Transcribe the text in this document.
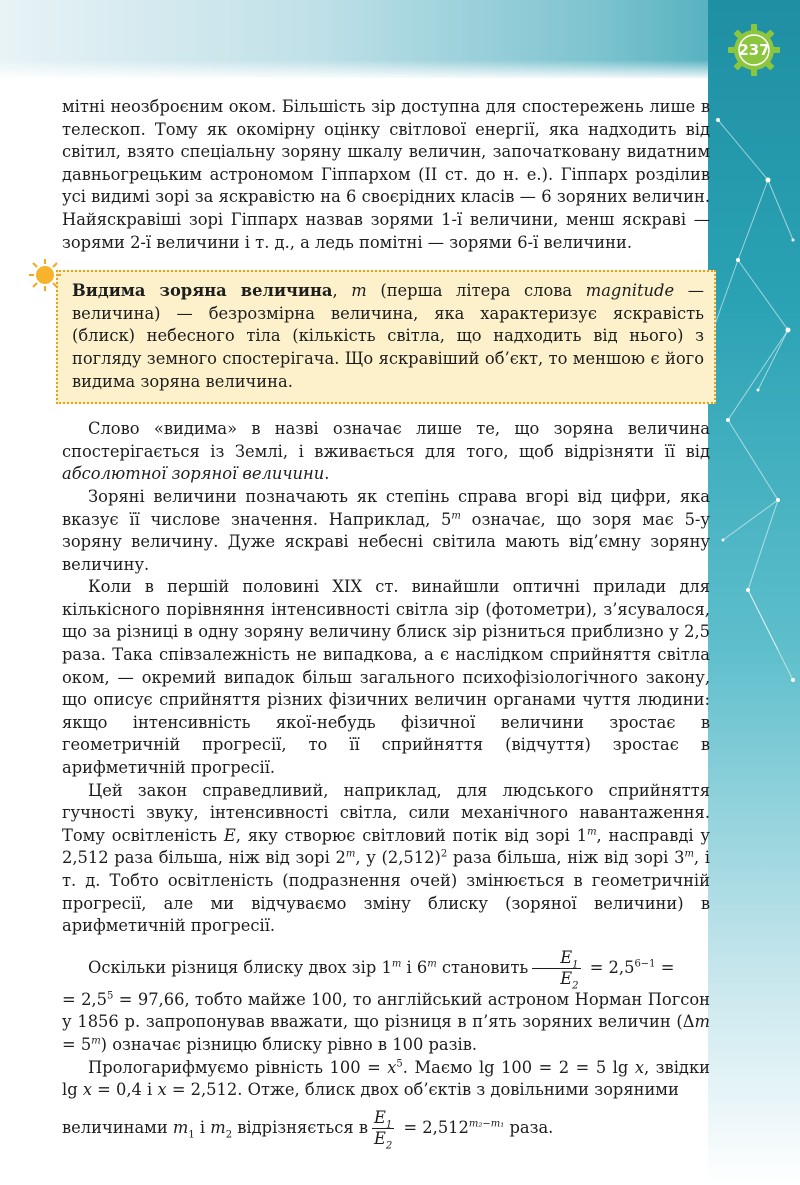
237

мітні неозброєним оком. Більшість зір доступна для спостережень лише в телескоп. Тому як окомірну оцінку світлової енергії, яка надходить від світил, взято спеціальну зоряну шкалу величин, започатковану видатним давньогрецьким астрономом Гіппархом (II ст. до н. е.). Гіппарх розділив усі видимі зорі за яскравістю на 6 своєрідних класів — 6 зоряних величин. Найяскравіші зорі Гіппарх назвав зорями 1-ї величини, менш яскраві — зорями 2-ї величини і т. д., а ледь помітні — зорями 6-ї величини.

Видима зоряна величина, m (перша літера слова magnitude — величина) — безрозмірна величина, яка характеризує яскравість (блиск) небесного тіла (кількість світла, що надходить від нього) з погляду земного спостерігача. Що яскравіший об’єкт, то меншою є його видима зоряна величина.

Слово «видима» в назві означає лише те, що зоряна величина спостерігається із Землі, і вживається для того, щоб відрізняти її від абсолютної зоряної величини.

Зоряні величини позначають як степінь справа вгорі від цифри, яка вказує її числове значення. Наприклад, 5$^m$ означає, що зоря має 5-у зоряну величину. Дуже яскраві небесні світила мають від’ємну зоряну величину.

Коли в першій половині XIX ст. винайшли оптичні прилади для кількісного порівняння інтенсивності світла зір (фотометри), з’ясувалося, що за різниці в одну зоряну величину блиск зір різниться приблизно у 2,5 раза. Така співзалежність не випадкова, а є наслідком сприйняття світла оком, — окремий випадок більш загального психофізіологічного закону, що описує сприйняття різних фізичних величин органами чуття людини: якщо інтенсивність якої-небудь фізичної величини зростає в геометричній прогресії, то її сприйняття (відчуття) зростає в арифметичній прогресії.

Цей закон справедливий, наприклад, для людського сприйняття гучності звуку, інтенсивності світла, сили механічного навантаження. Тому освітленість E, яку створює світловий потік від зорі 1$^m$, насправді у 2,512 раза більша, ніж від зорі 2$^m$, у $(2,512)^2$ раза більша, ніж від зорі 3$^m$, і т. д. Тобто освітленість (подразнення очей) змінюється в геометричній прогресії, але ми відчуваємо зміну блиску (зоряної величини) в арифметичній прогресії.

Оскільки різниця блиску двох зір 1$^m$ і 6$^m$ становить $\frac{E_1}{E_2} = 2,5^{6-1}$ =

= $2,5^5 = 97,66$, тобто майже 100, то англійський астроном Норман Погсон у 1856 р. запропонував вважати, що різниця в п’ять зоряних величин $(\Delta m = 5^m)$ означає різницю блиску рівно в 100 разів.

Прологарифмуємо рівність $100 = x^5$. Маємо lg 100 = 2 = 5 lg x, звідки lg x = 0,4 і x = 2,512. Отже, блиск двох об’єктів з довільними зоряними

величинами $m_1$ і $m_2$ відрізняється в $\frac{E_1}{E_2} = 2,512^{m_2-m_1}$ раза.
